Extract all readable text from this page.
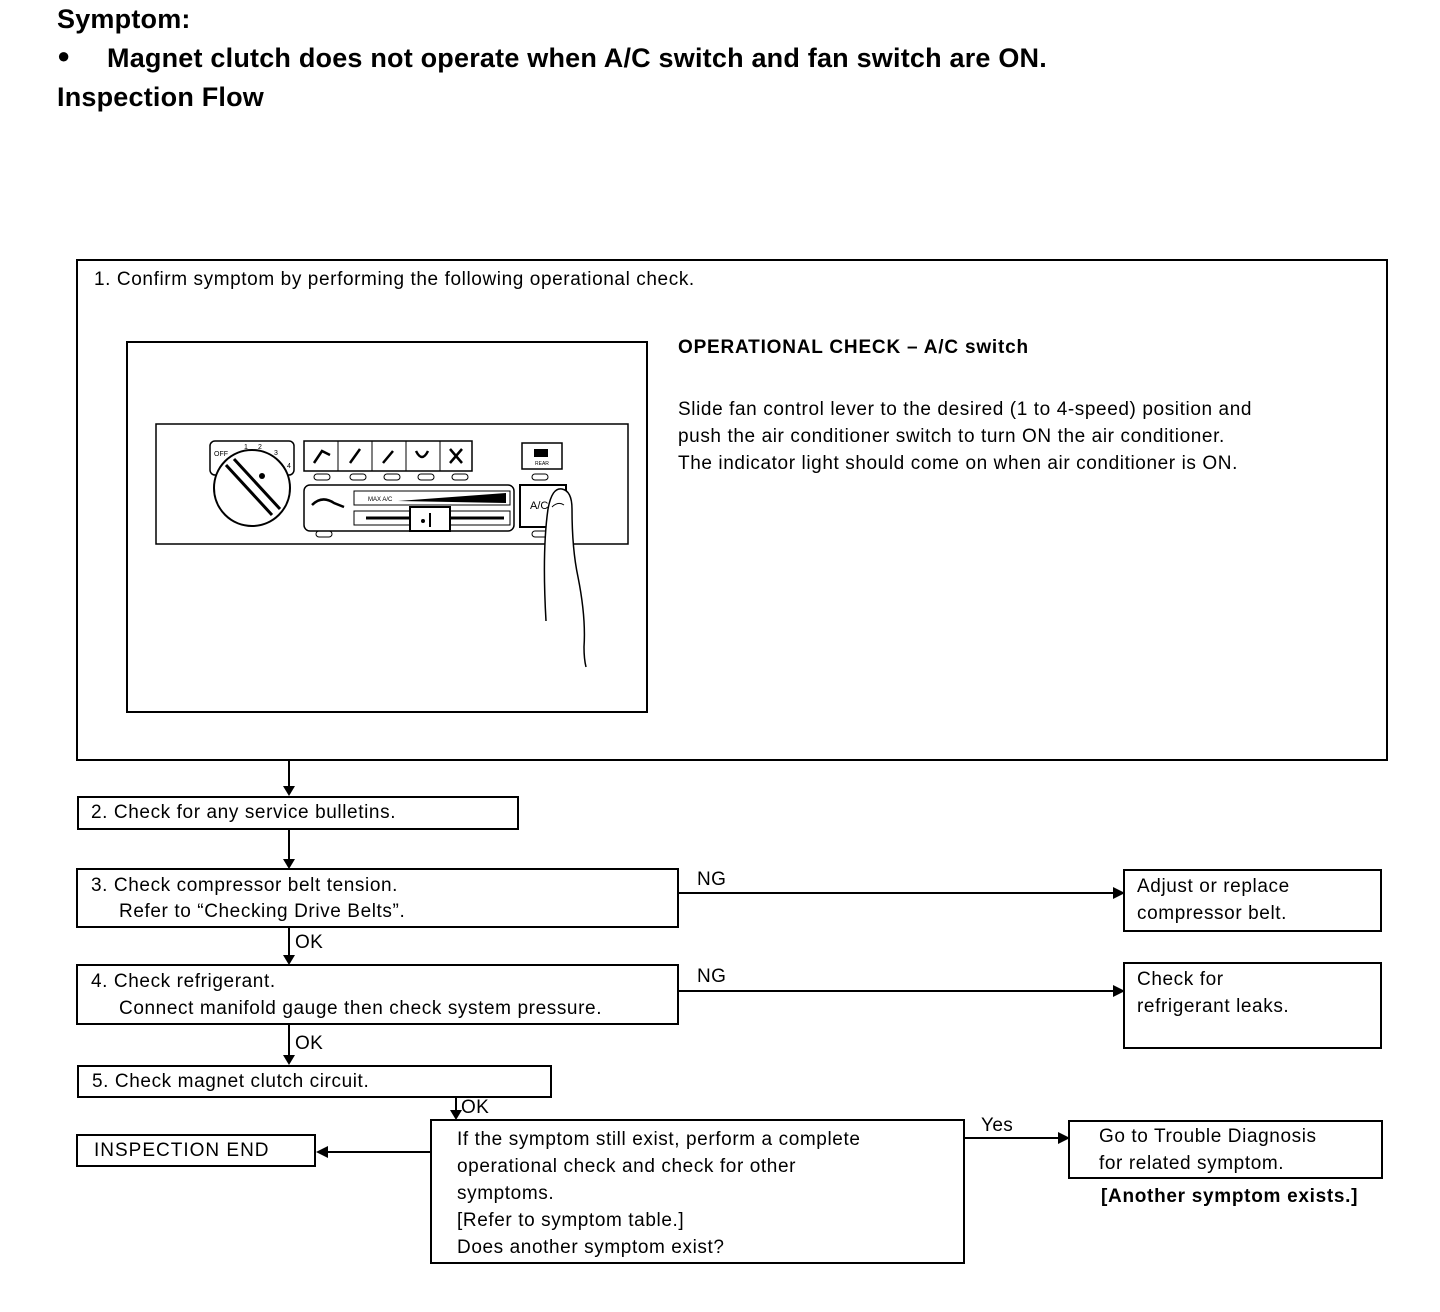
Symptom:
● Magnet clutch does not operate when A/C switch and fan switch are ON.
Inspection Flow
1. Confirm symptom by performing the following operational check.
OFF
1 2
3
4	REAR
MAX A/C	A/C
OPERATIONAL CHECK – A/C switch
Slide fan control lever to the desired (1 to 4-speed) position and
push the air conditioner switch to turn ON the air conditioner.
The indicator light should come on when air conditioner is ON.
2. Check for any service bulletins.
3. Check compressor belt tension.
Refer to “Checking Drive Belts”.
NG	Adjust or replace
compressor belt.
OK
4. Check refrigerant.
Connect manifold gauge then check system pressure.
NG	Check for
refrigerant leaks.
OK
5. Check magnet clutch circuit.
OK
If the symptom still exist, perform a complete
operational check and check for other
symptoms.
[Refer to symptom table.]
Does another symptom exist?
INSPECTION END
Yes
Go to Trouble Diagnosis
for related symptom.
[Another symptom exists.]
